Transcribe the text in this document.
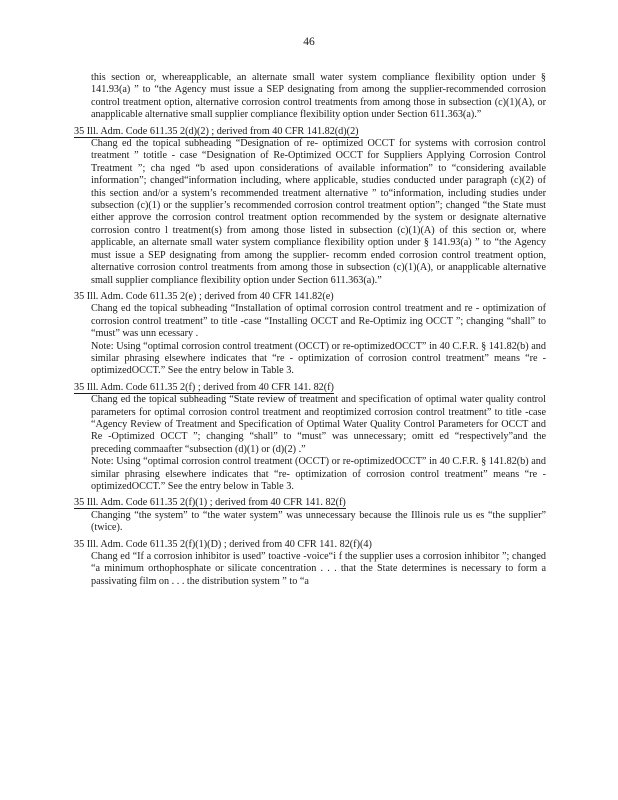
46

this section or, whereapplicable, an alternate small water system compliance flexibility option under § 141.93(a) ” to “the Agency must issue a SEP designating from among the supplier-recommended corrosion control treatment option, alternative corrosion control treatments from among those in subsection (c)(1)(A), or anapplicable alternative small supplier compliance flexibility option under Section 611.363(a).”

35 Ill. Adm. Code 611.35 2(d)(2) ; derived from 40 CFR 141.82(d)(2)

Chang ed the topical subheading “Designation of re- optimized OCCT for systems with corrosion control treatment ” totitle - case “Designation of Re-Optimized OCCT for Suppliers Applying Corrosion Control Treatment ”; cha nged “b ased upon considerations of available information” to “considering available information”; changed“information including, where applicable, studies conducted under paragraph (c)(2) of this section and/or a system’s recommended treatment alternative ” to“information, including studies under subsection (c)(1) or the supplier’s recommended corrosion control treatment option”; changed “the State must either approve the corrosion control treatment option recommended by the system or designate alternative corrosion contro l treatment(s) from among those listed in subsection (c)(1)(A) of this section or, where applicable, an alternate small water system compliance flexibility option under § 141.93(a) ” to “the Agency must issue a SEP designating from among the supplier- recomm ended corrosion control treatment option, alternative corrosion control treatments from among those in subsection (c)(1)(A), or anapplicable alternative small supplier compliance flexibility option under Section 611.363(a).”

35 Ill. Adm. Code 611.35 2(e) ; derived from 40 CFR 141.82(e)

Chang ed the topical subheading “Installation of optimal corrosion control treatment and re - optimization of corrosion control treatment” to title -case “Installing OCCT and Re-Optimiz ing OCCT ”; changing “shall” to “must” was unn ecessary .

Note: Using “optimal corrosion control treatment (OCCT) or re-optimizedOCCT” in 40 C.F.R. § 141.82(b) and similar phrasing elsewhere indicates that “re - optimization of corrosion control treatment” means “re -optimizedOCCT.” See the entry below in Table 3.

35 Ill. Adm. Code 611.35 2(f) ; derived from 40 CFR 141. 82(f)

Chang ed the topical subheading “State review of treatment and specification of optimal water quality control parameters for optimal corrosion control treatment and reoptimized corrosion control treatment” to title -case “Agency Review of Treatment and Specification of Optimal Water Quality Control Parameters for OCCT and Re -Optimized OCCT ”; changing “shall” to “must” was unnecessary; omitt ed “respectively”and the preceding commaafter “subsection (d)(1) or (d)(2) .”

Note: Using “optimal corrosion control treatment (OCCT) or re-optimizedOCCT” in 40 C.F.R. § 141.82(b) and similar phrasing elsewhere indicates that “re- optimization of corrosion control treatment” means “re -optimizedOCCT.” See the entry below in Table 3.

35 Ill. Adm. Code 611.35 2(f)(1) ; derived from 40 CFR 141. 82(f)

Changing “the system” to “the water system” was unnecessary because the Illinois rule us es “the supplier” (twice).

35 Ill. Adm. Code 611.35 2(f)(1)(D) ; derived from 40 CFR 141. 82(f)(4)

Chang ed “If a corrosion inhibitor is used” toactive -voice“i f the supplier uses a corrosion inhibitor ”; changed “a minimum orthophosphate or silicate concentration . . . that the State determines is necessary to form a passivating film on . . . the distribution system ” to “a
